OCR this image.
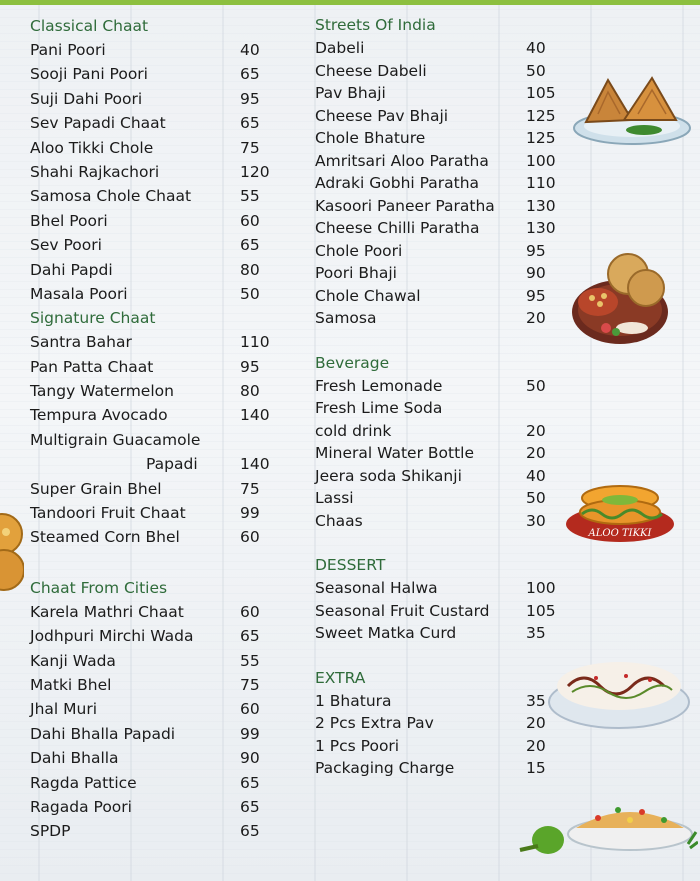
Classical Chaat
Pani Poori	40
Sooji Pani Poori	65
Suji Dahi Poori	95
Sev Papadi Chaat	65
Aloo Tikki Chole	75
Shahi Rajkachori	120
Samosa Chole Chaat	55
Bhel Poori	60
Sev Poori	65
Dahi Papdi	80
Masala Poori	50
Signature Chaat
Santra Bahar	110
Pan Patta Chaat	95
Tangy Watermelon	80
Tempura Avocado	140
Multigrain Guacamole
Papadi	140
Super Grain Bhel	75
Tandoori Fruit Chaat	99
Steamed Corn Bhel	60
Chaat From Cities
Karela Mathri Chaat	60
Jodhpuri Mirchi Wada	65
Kanji Wada	55
Matki Bhel	75
Jhal Muri	60
Dahi Bhalla Papadi	99
Dahi Bhalla	90
Ragda Pattice	65
Ragada Poori	65
SPDP	65
Streets Of India
Dabeli	40
Cheese Dabeli	50
Pav Bhaji	105
Cheese Pav Bhaji	125
Chole Bhature	125
Amritsari Aloo Paratha	100
Adraki Gobhi Paratha	110
Kasoori Paneer Paratha	130
Cheese Chilli Paratha	130
Chole Poori	95
Poori Bhaji	90
Chole Chawal	95
Samosa	20
Beverage
Fresh Lemonade	50
Fresh Lime Soda
cold drink	20
Mineral Water Bottle	20
Jeera soda Shikanji	40
Lassi	50
Chaas	30
DESSERT
Seasonal Halwa	100
Seasonal Fruit Custard	105
Sweet Matka Curd	35
EXTRA
1 Bhatura	35
2 Pcs Extra Pav	20
1 Pcs Poori	20
Packaging Charge	15
ALOO TIKKI
